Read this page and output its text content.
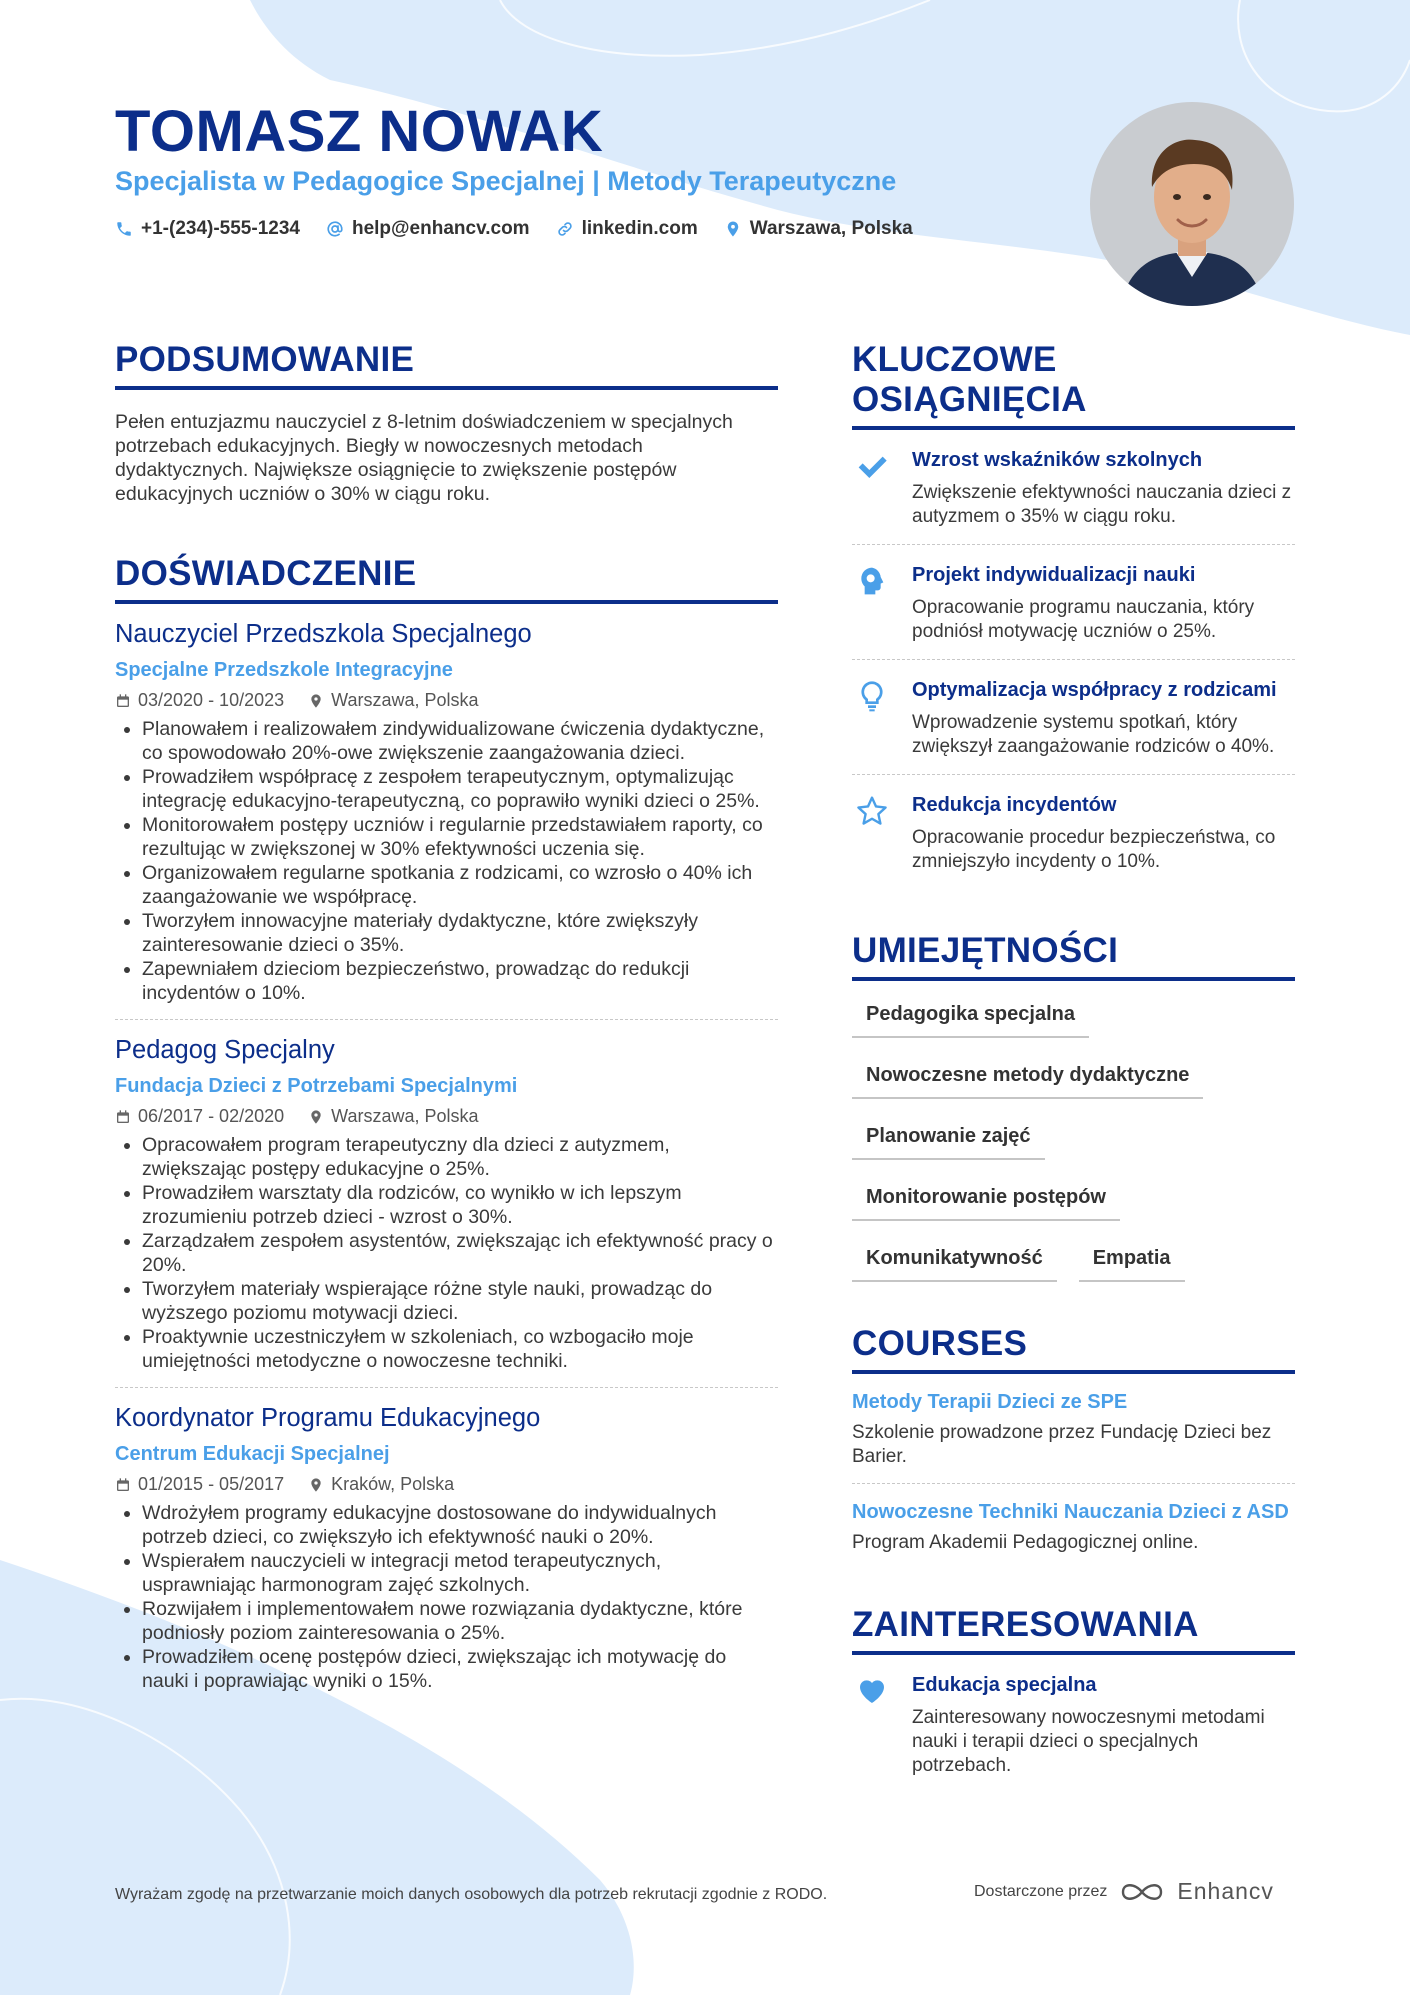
TOMASZ NOWAK

Specjalista w Pedagogice Specjalnej | Metody Terapeutyczne

+1-(234)-555-1234	help@enhancv.com	linkedin.com	Warszawa, Polska
PODSUMOWANIE

Pełen entuzjazmu nauczyciel z 8-letnim doświadczeniem w specjalnych potrzebach edukacyjnych. Biegły w nowoczesnych metodach dydaktycznych. Największe osiągnięcie to zwiększenie postępów edukacyjnych uczniów o 30% w ciągu roku.

DOŚWIADCZENIE

Nauczyciel Przedszkola Specjalnego

Specjalne Przedszkole Integracyjne

03/2020 - 10/2023	Warszawa, Polska
• Planowałem i realizowałem zindywidualizowane ćwiczenia dydaktyczne, co spowodowało 20%-owe zwiększenie zaangażowania dzieci.
• Prowadziłem współpracę z zespołem terapeutycznym, optymalizując integrację edukacyjno-terapeutyczną, co poprawiło wyniki dzieci o 25%.
• Monitorowałem postępy uczniów i regularnie przedstawiałem raporty, co rezultując w zwiększonej w 30% efektywności uczenia się.
• Organizowałem regularne spotkania z rodzicami, co wzrosło o 40% ich zaangażowanie we współpracę.
• Tworzyłem innowacyjne materiały dydaktyczne, które zwiększyły zainteresowanie dzieci o 35%.
• Zapewniałem dzieciom bezpieczeństwo, prowadząc do redukcji incydentów o 10%.

Pedagog Specjalny

Fundacja Dzieci z Potrzebami Specjalnymi

06/2017 - 02/2020	Warszawa, Polska
• Opracowałem program terapeutyczny dla dzieci z autyzmem, zwiększając postępy edukacyjne o 25%.
• Prowadziłem warsztaty dla rodziców, co wynikło w ich lepszym zrozumieniu potrzeb dzieci - wzrost o 30%.
• Zarządzałem zespołem asystentów, zwiększając ich efektywność pracy o 20%.
• Tworzyłem materiały wspierające różne style nauki, prowadząc do wyższego poziomu motywacji dzieci.
• Proaktywnie uczestniczyłem w szkoleniach, co wzbogaciło moje umiejętności metodyczne o nowoczesne techniki.

Koordynator Programu Edukacyjnego

Centrum Edukacji Specjalnej

01/2015 - 05/2017	Kraków, Polska
• Wdrożyłem programy edukacyjne dostosowane do indywidualnych potrzeb dzieci, co zwiększyło ich efektywność nauki o 20%.
• Wspierałem nauczycieli w integracji metod terapeutycznych, usprawniając harmonogram zajęć szkolnych.
• Rozwijałem i implementowałem nowe rozwiązania dydaktyczne, które podniosły poziom zainteresowania o 25%.
• Prowadziłem ocenę postępów dzieci, zwiększając ich motywację do nauki i poprawiając wyniki o 15%.
KLUCZOWE OSIĄGNIĘCIA

Wzrost wskaźników szkolnych

Zwiększenie efektywności nauczania dzieci z autyzmem o 35% w ciągu roku.

Projekt indywidualizacji nauki

Opracowanie programu nauczania, który podniósł motywację uczniów o 25%.

Optymalizacja współpracy z rodzicami

Wprowadzenie systemu spotkań, który zwiększył zaangażowanie rodziców o 40%.

Redukcja incydentów

Opracowanie procedur bezpieczeństwa, co zmniejszyło incydenty o 10%.

UMIEJĘTNOŚCI
Pedagogika specjalna
Nowoczesne metody dydaktyczne
Planowanie zajęć
Monitorowanie postępów
Komunikatywność	Empatia
COURSES

Metody Terapii Dzieci ze SPE

Szkolenie prowadzone przez Fundację Dzieci bez Barier.

Nowoczesne Techniki Nauczania Dzieci z ASD

Program Akademii Pedagogicznej online.

ZAINTERESOWANIA

Edukacja specjalna

Zainteresowany nowoczesnymi metodami nauki i terapii dzieci o specjalnych potrzebach.

Wyrażam zgodę na przetwarzanie moich danych osobowych dla potrzeb rekrutacji zgodnie z RODO.	Dostarczone przez	Enhancv
